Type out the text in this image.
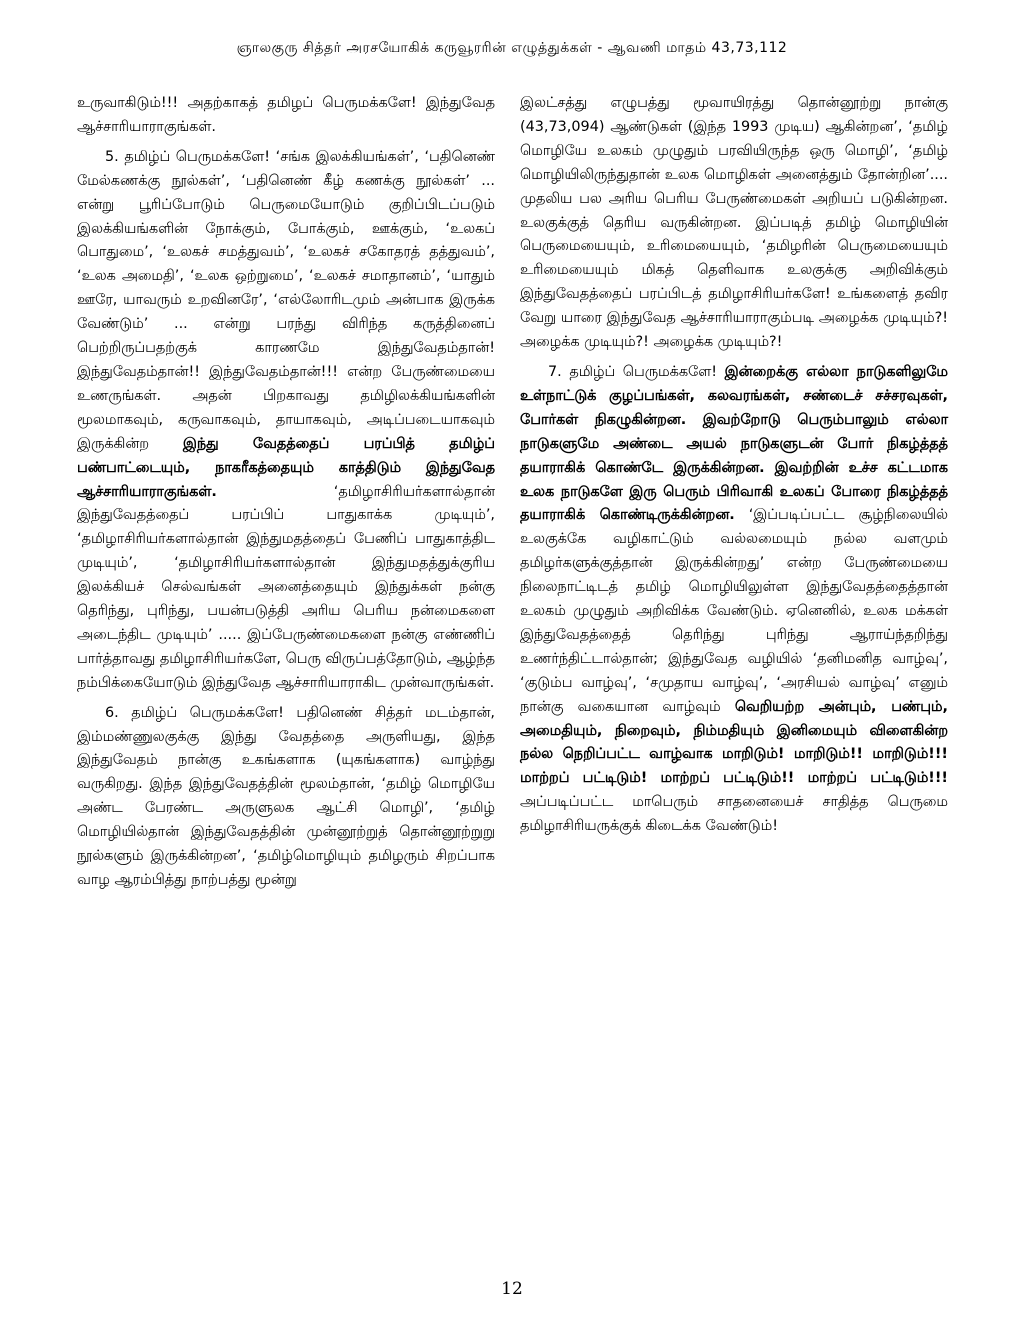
ஞாலகுரு சித்தர் அரசயோகிக் கருவூரரின் எழுத்துக்கள் - ஆவணி மாதம் 43,73,112

உருவாகிடும்!!! அதற்காகத் தமிழப் பெருமக்களே! இந்துவேத ஆச்சாரியாராகுங்கள்.

5. தமிழ்ப் பெருமக்களே! ‘சங்க இலக்கியங்கள்’, ‘பதினெண் மேல்கணக்கு நூல்கள்’, ‘பதினெண் கீழ் கணக்கு நூல்கள்’ ... என்று பூரிப்போடும் பெருமையோடும் குறிப்பிடப்படும் இலக்கியங்களின் நோக்கும், போக்கும், ஊக்கும், ‘உலகப் பொதுமை’, ‘உலகச் சமத்துவம்’, ‘உலகச் சகோதரத் தத்துவம்’, ‘உலக அமைதி’, ‘உலக ஒற்றுமை’, ‘உலகச் சமாதானம்’, ‘யாதும் ஊரே, யாவரும் உறவினரே’, ‘எல்லோரிடமும் அன்பாக இருக்க வேண்டும்’ ... என்று பரந்து விரிந்த கருத்தினைப் பெற்றிருப்பதற்குக் காரணமே இந்துவேதம்தான்! இந்துவேதம்தான்!! இந்துவேதம்தான்!!! என்ற பேருண்மையை உணருங்கள். அதன் பிறகாவது தமிழிலக்கியங்களின் மூலமாகவும், கருவாகவும், தாயாகவும், அடிப்படையாகவும் இருக்கின்ற இந்து வேதத்தைப் பரப்பித் தமிழ்ப் பண்பாட்டையும், நாகரீகத்தையும் காத்திடும் இந்துவேத ஆச்சாரியாராகுங்கள்.	‘தமிழாசிரியர்களால்தான் இந்துவேதத்தைப் பரப்பிப் பாதுகாக்க முடியும்’, ‘தமிழாசிரியர்களால்தான் இந்துமதத்தைப் பேணிப் பாதுகாத்திட முடியும்’, ‘தமிழாசிரியர்களால்தான் இந்துமதத்துக்குரிய இலக்கியச் செல்வங்கள் அனைத்தையும் இந்துக்கள் நன்கு தெரிந்து, புரிந்து, பயன்படுத்தி அரிய பெரிய நன்மைகளை அடைந்திட முடியும்’ ..... இப்பேருண்மைகளை நன்கு எண்ணிப் பார்த்தாவது தமிழாசிரியர்களே, பெரு விருப்பத்தோடும், ஆழ்ந்த நம்பிக்கையோடும் இந்துவேத ஆச்சாரியாராகிட முன்வாருங்கள்.

6. தமிழ்ப் பெருமக்களே! பதினெண் சித்தர் மடம்தான், இம்மண்ணுலகுக்கு இந்து வேதத்தை அருளியது, இந்த இந்துவேதம் நான்கு உகங்களாக (யுகங்களாக) வாழ்ந்து வருகிறது. இந்த இந்துவேதத்தின் மூலம்தான், ‘தமிழ் மொழியே அண்ட பேரண்ட அருளுலக ஆட்சி மொழி’, ‘தமிழ் மொழியில்தான் இந்துவேதத்தின் முன்னூற்றுத் தொன்னூற்றுறு நூல்களும் இருக்கின்றன’, ‘தமிழ்மொழியும் தமிழரும் சிறப்பாக வாழ ஆரம்பித்து நாற்பத்து மூன்று

இலட்சத்து எழுபத்து மூவாயிரத்து தொன்னூற்று நான்கு (43,73,094) ஆண்டுகள் (இந்த 1993 முடிய) ஆகின்றன’, ‘தமிழ் மொழியே உலகம் முழுதும் பரவியிருந்த ஒரு மொழி’, ‘தமிழ் மொழியிலிருந்துதான் உலக மொழிகள் அனைத்தும் தோன்றின’.... முதலிய பல அரிய பெரிய பேருண்மைகள் அறியப் படுகின்றன. உலகுக்குத் தெரிய வருகின்றன. இப்படித் தமிழ் மொழியின் பெருமையையும், உரிமையையும், ‘தமிழரின் பெருமையையும் உரிமையையும் மிகத் தெளிவாக உலகுக்கு அறிவிக்கும் இந்துவேதத்தைப் பரப்பிடத் தமிழாசிரியர்களே! உங்களைத் தவிர வேறு யாரை இந்துவேத ஆச்சாரியாராகும்படி அழைக்க முடியும்?! அழைக்க முடியும்?! அழைக்க முடியும்?!

7. தமிழ்ப் பெருமக்களே! இன்றைக்கு எல்லா நாடுகளிலுமே உள்நாட்டுக் குழப்பங்கள், கலவரங்கள், சண்டைச் சச்சரவுகள், போர்கள் நிகழுகின்றன. இவற்றோடு பெரும்பாலும் எல்லா நாடுகளுமே அண்டை அயல் நாடுகளுடன் போர் நிகழ்த்தத் தயாராகிக் கொண்டே இருக்கின்றன. இவற்றின் உச்ச கட்டமாக உலக நாடுகளே இரு பெரும் பிரிவாகி உலகப் போரை நிகழ்த்தத் தயாராகிக் கொண்டிருக்கின்றன. ‘இப்படிப்பட்ட சூழ்நிலையில் உலகுக்கே வழிகாட்டும் வல்லமையும் நல்ல வளமும் தமிழர்களுக்குத்தான் இருக்கின்றது’ என்ற பேருண்மையை நிலைநாட்டிடத் தமிழ் மொழியிலுள்ள இந்துவேதத்தைத்தான் உலகம் முழுதும் அறிவிக்க வேண்டும். ஏனெனில், உலக மக்கள் இந்துவேதத்தைத் தெரிந்து புரிந்து ஆராய்ந்தறிந்து உணர்ந்திட்டால்தான்; இந்துவேத வழியில் ‘தனிமனித வாழ்வு’, ‘குடும்ப வாழ்வு’, ‘சமுதாய வாழ்வு’, ‘அரசியல் வாழ்வு’ எனும் நான்கு வகையான வாழ்வும் வெறியற்ற அன்பும், பண்பும், அமைதியும், நிறைவும், நிம்மதியும் இனிமையும் விளைகின்ற நல்ல நெறிப்பட்ட வாழ்வாக மாறிடும்! மாறிடும்!! மாறிடும்!!! மாற்றப் பட்டிடும்! மாற்றப் பட்டிடும்!! மாற்றப் பட்டிடும்!!! அப்படிப்பட்ட மாபெரும் சாதனையைச் சாதித்த பெருமை தமிழாசிரியருக்குக் கிடைக்க வேண்டும்!

12
